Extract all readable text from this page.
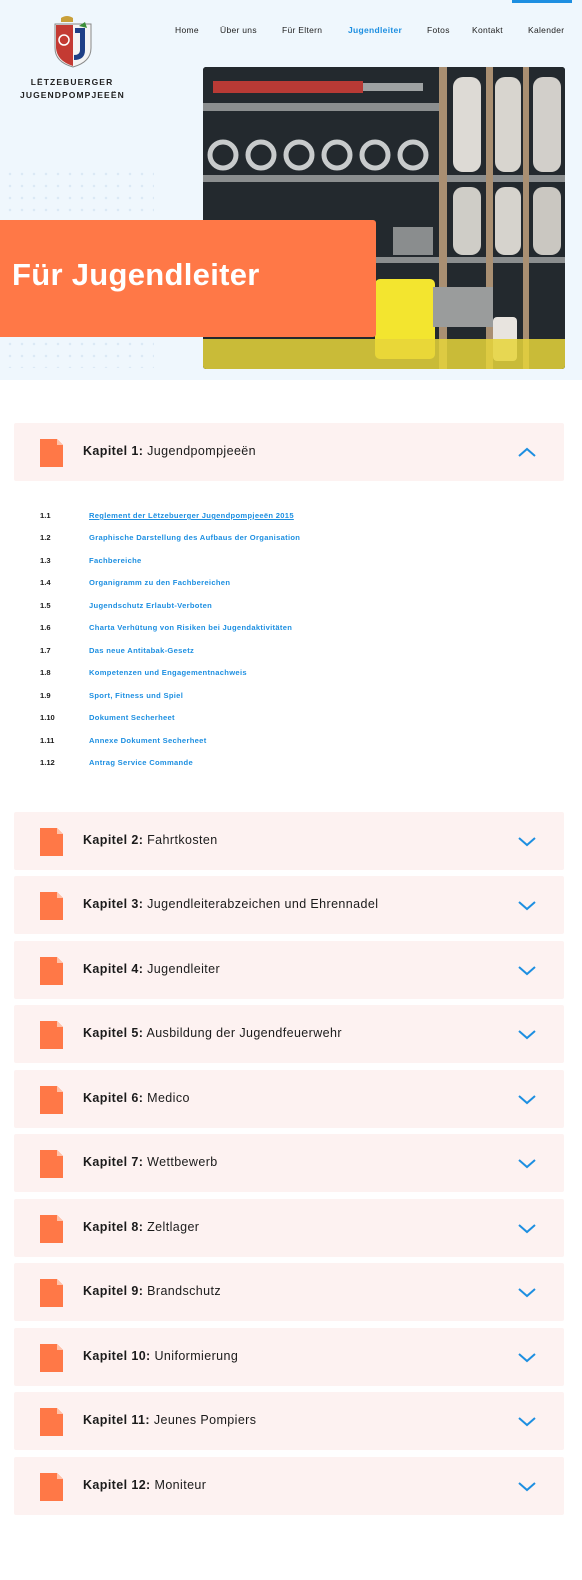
LËTZEBUERGER
JUGENDPOMPJEEËN
Home Über uns	Für Eltern	Jugendleiter	Fotos	Kontakt	Kalender
Für Jugendleiter
Kapitel 1: Jugendpompjeeën
1.1	Reglement der Lëtzebuerger Jugendpompjeeën 2015
1.2	Graphische Darstellung des Aufbaus der Organisation
1.3	Fachbereiche
1.4	Organigramm zu den Fachbereichen
1.5	Jugendschutz Erlaubt-Verboten
1.6	Charta Verhütung von Risiken bei Jugendaktivitäten
1.7	Das neue Antitabak-Gesetz
1.8	Kompetenzen und Engagementnachweis
1.9	Sport, Fitness und Spiel
1.10	Dokument Secherheet
1.11	Annexe Dokument Secherheet
1.12	Antrag Service Commande
Kapitel 2: Fahrtkosten
Kapitel 3: Jugendleiterabzeichen und Ehrennadel
Kapitel 4: Jugendleiter
Kapitel 5: Ausbildung der Jugendfeuerwehr
Kapitel 6: Medico
Kapitel 7: Wettbewerb
Kapitel 8: Zeltlager
Kapitel 9: Brandschutz
Kapitel 10: Uniformierung
Kapitel 11: Jeunes Pompiers
Kapitel 12: Moniteur
